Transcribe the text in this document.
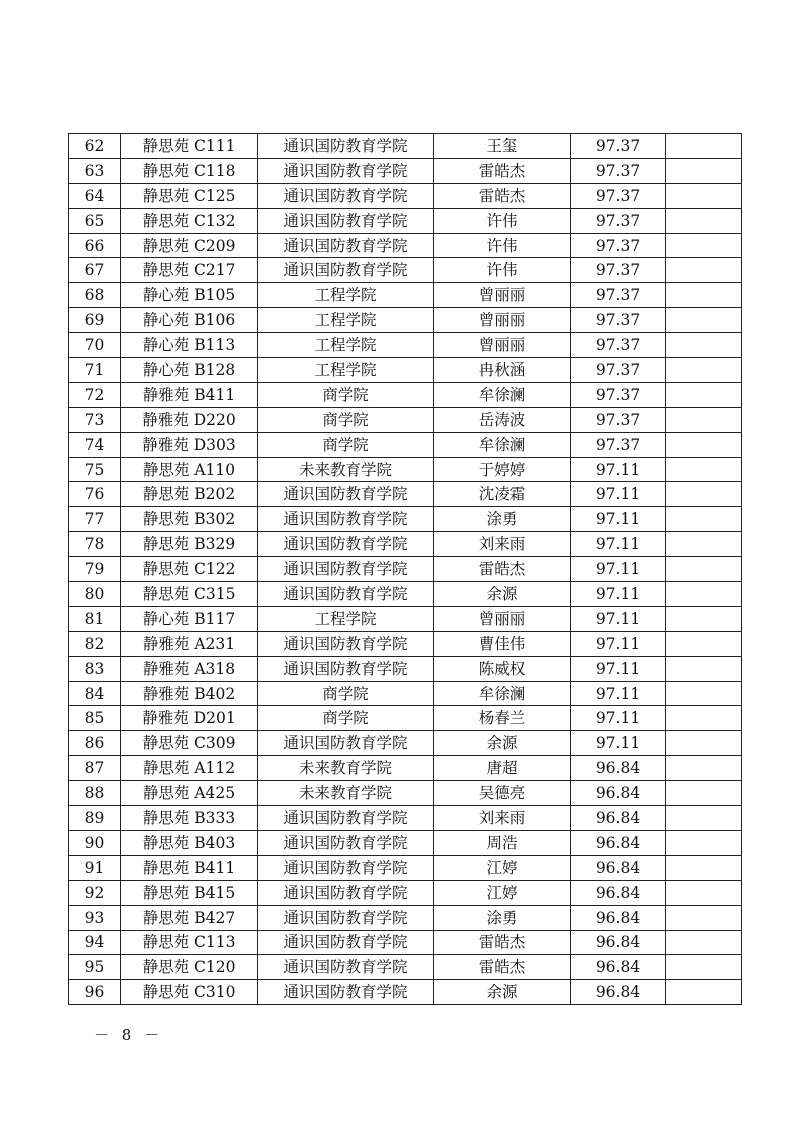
62	静思苑 C111	通识国防教育学院	王玺	97.37	
63	静思苑 C118	通识国防教育学院	雷皓杰	97.37	
64	静思苑 C125	通识国防教育学院	雷皓杰	97.37	
65	静思苑 C132	通识国防教育学院	许伟	97.37	
66	静思苑 C209	通识国防教育学院	许伟	97.37	
67	静思苑 C217	通识国防教育学院	许伟	97.37	
68	静心苑 B105	工程学院	曾丽丽	97.37	
69	静心苑 B106	工程学院	曾丽丽	97.37	
70	静心苑 B113	工程学院	曾丽丽	97.37	
71	静心苑 B128	工程学院	冉秋涵	97.37	
72	静雅苑 B411	商学院	牟徐澜	97.37	
73	静雅苑 D220	商学院	岳涛波	97.37	
74	静雅苑 D303	商学院	牟徐澜	97.37	
75	静思苑 A110	未来教育学院	于婷婷	97.11	
76	静思苑 B202	通识国防教育学院	沈凌霜	97.11	
77	静思苑 B302	通识国防教育学院	涂勇	97.11	
78	静思苑 B329	通识国防教育学院	刘来雨	97.11	
79	静思苑 C122	通识国防教育学院	雷皓杰	97.11	
80	静思苑 C315	通识国防教育学院	余源	97.11	
81	静心苑 B117	工程学院	曾丽丽	97.11	
82	静雅苑 A231	通识国防教育学院	曹佳伟	97.11	
83	静雅苑 A318	通识国防教育学院	陈威权	97.11	
84	静雅苑 B402	商学院	牟徐澜	97.11	
85	静雅苑 D201	商学院	杨春兰	97.11	
86	静思苑 C309	通识国防教育学院	余源	97.11	
87	静思苑 A112	未来教育学院	唐超	96.84	
88	静思苑 A425	未来教育学院	吴德亮	96.84	
89	静思苑 B333	通识国防教育学院	刘来雨	96.84	
90	静思苑 B403	通识国防教育学院	周浩	96.84	
91	静思苑 B411	通识国防教育学院	江婷	96.84	
92	静思苑 B415	通识国防教育学院	江婷	96.84	
93	静思苑 B427	通识国防教育学院	涂勇	96.84	
94	静思苑 C113	通识国防教育学院	雷皓杰	96.84	
95	静思苑 C120	通识国防教育学院	雷皓杰	96.84	
96	静思苑 C310	通识国防教育学院	余源	96.84	
－ 8 －
